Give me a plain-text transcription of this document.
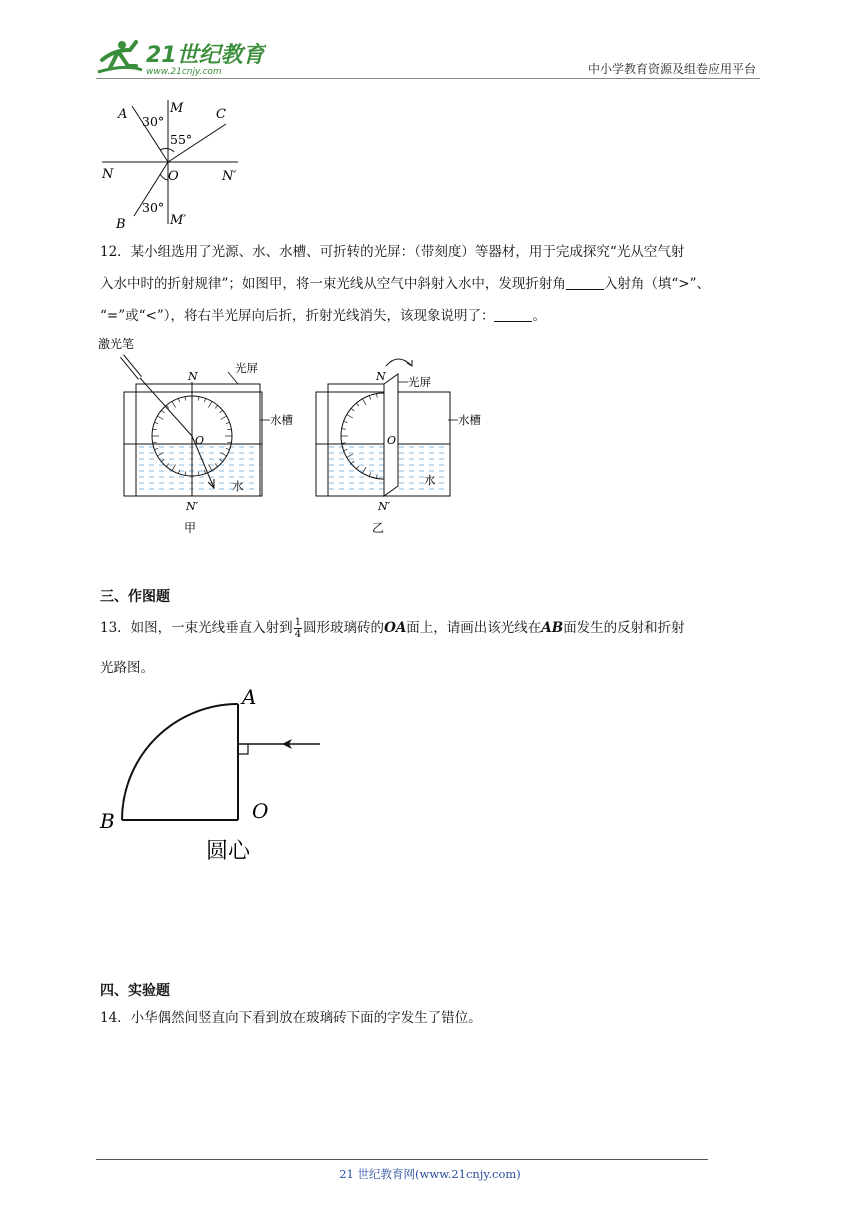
21世纪教育
www.21cnjy.com	中小学教育资源及组卷应用平台
A	M	C
N	O	N′
B	M′
30°
55°
30°
12．某小组选用了光源、水、水槽、可折转的光屏：（带刻度）等器材，用于完成探究“光从空气射
入水中时的折射规律”；如图甲，将一束光线从空气中斜射入水中，发现折射角	入射角（填“>”、
“=”或“<”），将右半光屏向后折，折射光线消失，该现象说明了：	。
激光笔
N
O
N′
光屏
水槽
水
甲
N
O
N′
光屏
水槽
水
乙
三、作图题
13．如图，一束光线垂直入射到 $\frac{1}{4}$ 圆形玻璃砖的OA面上，请画出该光线在AB面发生的反射和折射
光路图。
A
B	O
圆心
四、实验题
14．小华偶然间竖直向下看到放在玻璃砖下面的字发生了错位。
21 世纪教育网(www.21cnjy.com)
